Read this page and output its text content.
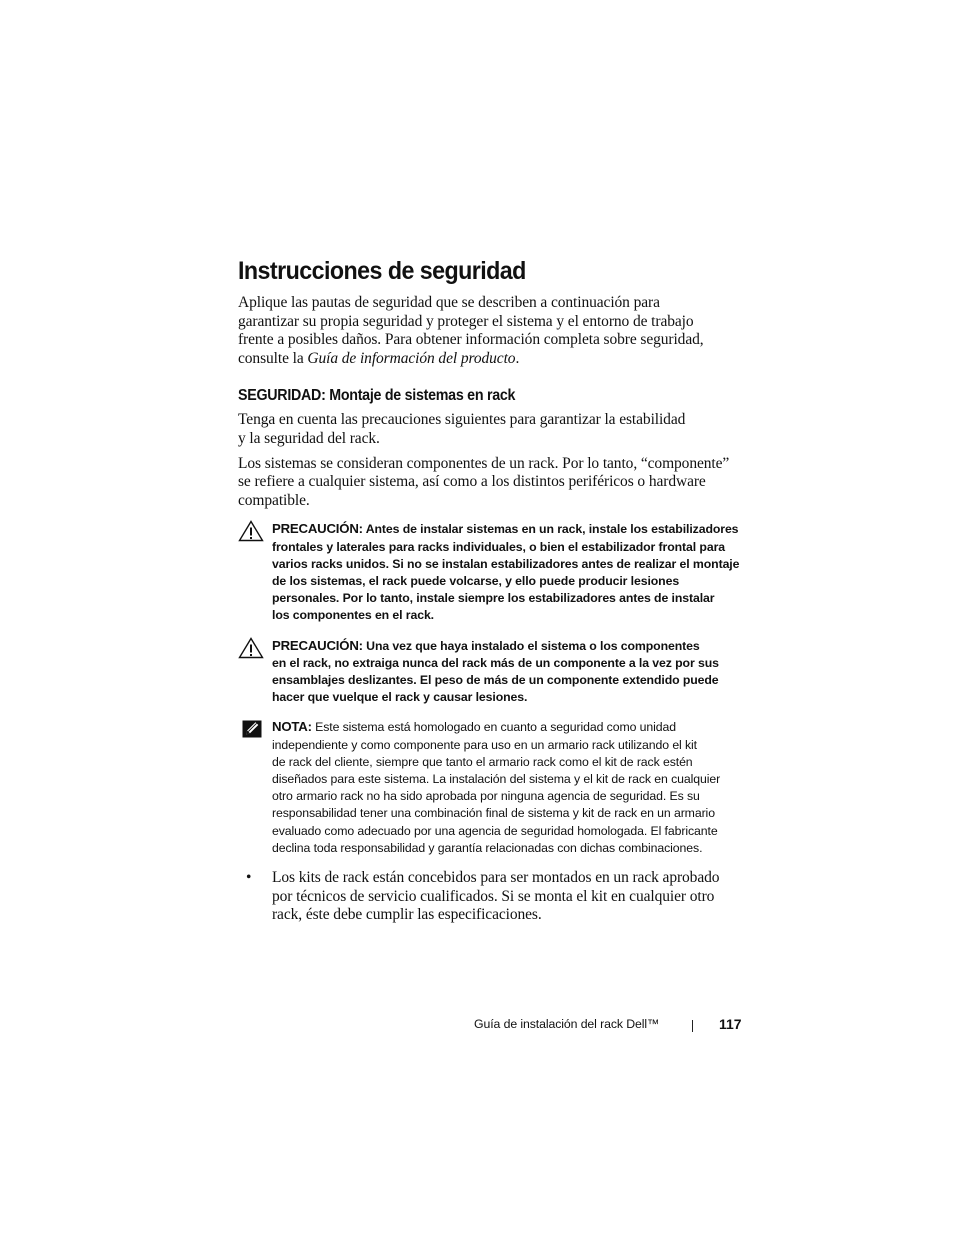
Instrucciones de seguridad

Aplique las pautas de seguridad que se describen a continuación para
garantizar su propia seguridad y proteger el sistema y el entorno de trabajo
frente a posibles daños. Para obtener información completa sobre seguridad,
consulte la Guía de información del producto.

SEGURIDAD: Montaje de sistemas en rack

Tenga en cuenta las precauciones siguientes para garantizar la estabilidad
y la seguridad del rack.

Los sistemas se consideran componentes de un rack. Por lo tanto, “componente”
se refiere a cualquier sistema, así como a los distintos periféricos o hardware
compatible.

PRECAUCIÓN: Antes de instalar sistemas en un rack, instale los estabilizadores
frontales y laterales para racks individuales, o bien el estabilizador frontal para
varios racks unidos. Si no se instalan estabilizadores antes de realizar el montaje
de los sistemas, el rack puede volcarse, y ello puede producir lesiones
personales. Por lo tanto, instale siempre los estabilizadores antes de instalar
los componentes en el rack.
PRECAUCIÓN: Una vez que haya instalado el sistema o los componentes
en el rack, no extraiga nunca del rack más de un componente a la vez por sus
ensamblajes deslizantes. El peso de más de un componente extendido puede
hacer que vuelque el rack y causar lesiones.
NOTA: Este sistema está homologado en cuanto a seguridad como unidad
independiente y como componente para uso en un armario rack utilizando el kit
de rack del cliente, siempre que tanto el armario rack como el kit de rack estén
diseñados para este sistema. La instalación del sistema y el kit de rack en cualquier
otro armario rack no ha sido aprobada por ninguna agencia de seguridad. Es su
responsabilidad tener una combinación final de sistema y kit de rack en un armario
evaluado como adecuado por una agencia de seguridad homologada. El fabricante
declina toda responsabilidad y garantía relacionadas con dichas combinaciones.
• Los kits de rack están concebidos para ser montados en un rack aprobado
por técnicos de servicio cualificados. Si se monta el kit en cualquier otro
rack, éste debe cumplir las especificaciones.
Guía de instalación del rack Dell™	117
